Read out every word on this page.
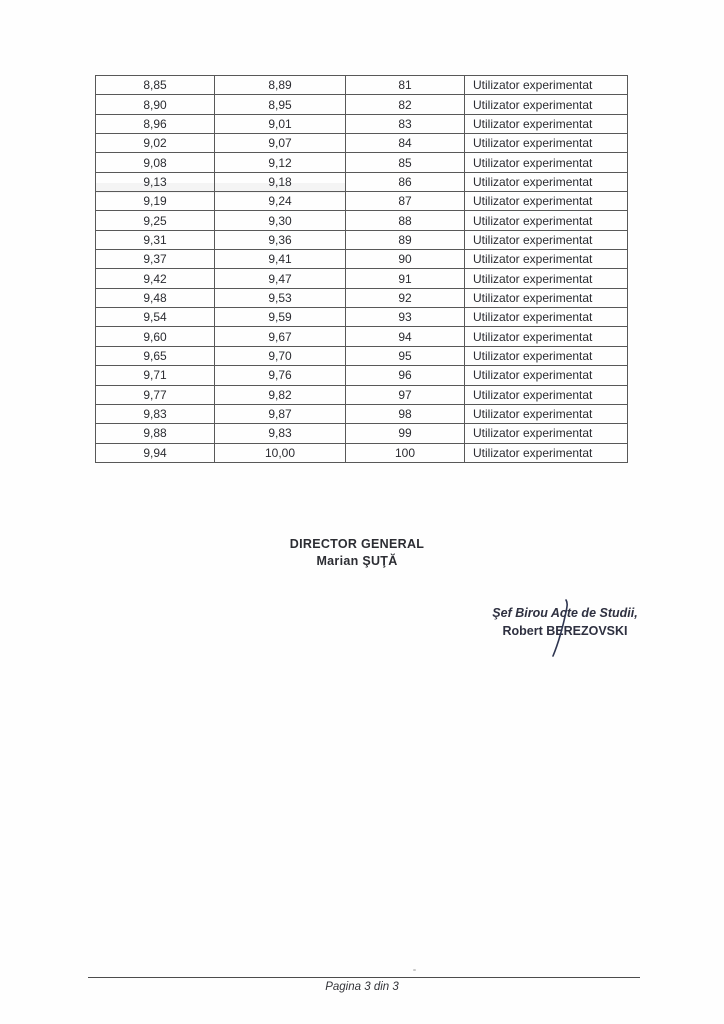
8,85	8,89	81	Utilizator experimentat
8,90	8,95	82	Utilizator experimentat
8,96	9,01	83	Utilizator experimentat
9,02	9,07	84	Utilizator experimentat
9,08	9,12	85	Utilizator experimentat
9,13	9,18	86	Utilizator experimentat
9,19	9,24	87	Utilizator experimentat
9,25	9,30	88	Utilizator experimentat
9,31	9,36	89	Utilizator experimentat
9,37	9,41	90	Utilizator experimentat
9,42	9,47	91	Utilizator experimentat
9,48	9,53	92	Utilizator experimentat
9,54	9,59	93	Utilizator experimentat
9,60	9,67	94	Utilizator experimentat
9,65	9,70	95	Utilizator experimentat
9,71	9,76	96	Utilizator experimentat
9,77	9,82	97	Utilizator experimentat
9,83	9,87	98	Utilizator experimentat
9,88	9,83	99	Utilizator experimentat
9,94	10,00	100	Utilizator experimentat
DIRECTOR GENERAL
Marian ŞUŢĂ
Şef Birou Acte de Studii,
Robert BEREZOVSKI
Pagina 3 din 3
